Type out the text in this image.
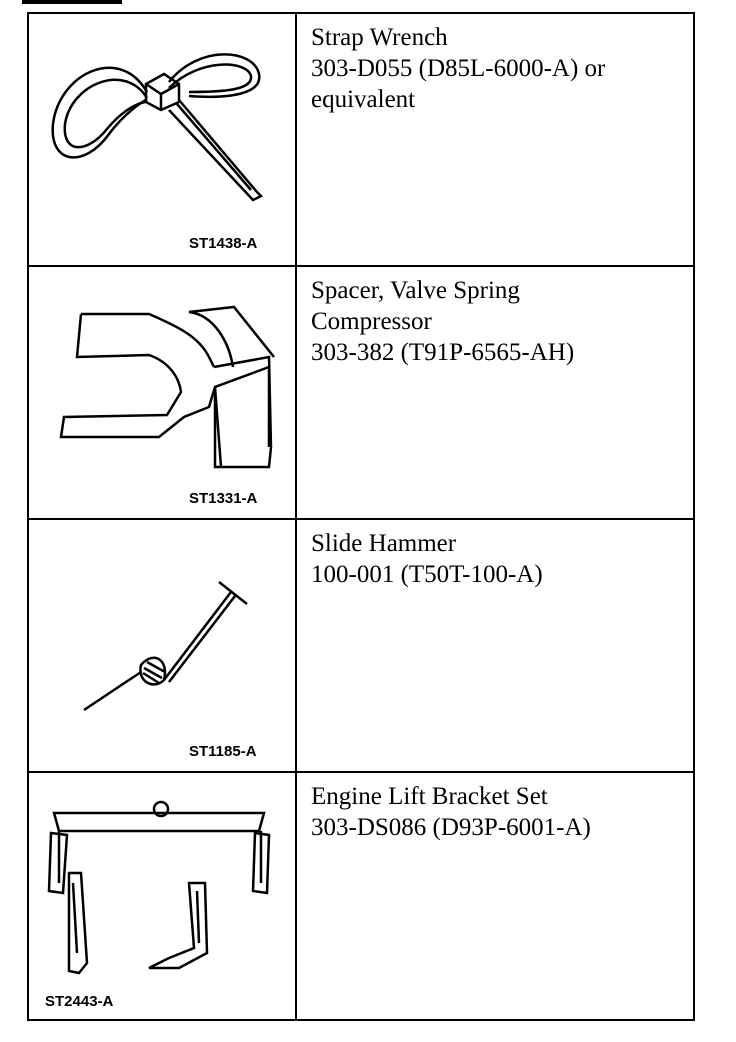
ST1438-A
Strap Wrench
303-D055 (D85L-6000-A) or
equivalent
ST1331-A
Spacer, Valve Spring
Compressor
303-382 (T91P-6565-AH)
ST1185-A
Slide Hammer
100-001 (T50T-100-A)
ST2443-A
Engine Lift Bracket Set
303-DS086 (D93P-6001-A)
